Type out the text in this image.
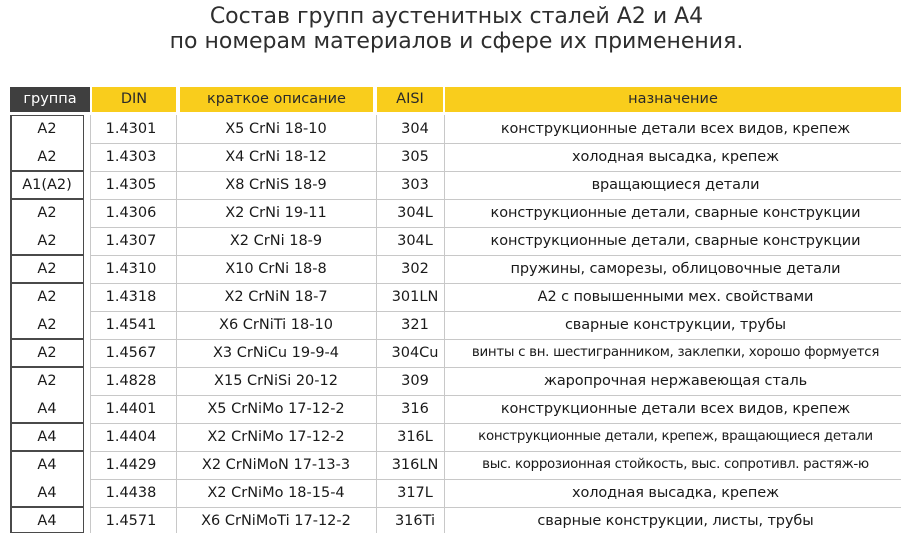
Состав групп аустенитных сталей А2 и А4
по номерам материалов и сфере их применения.
группа	DIN	краткое описание	AISI	назначение
A2	1.4301	X5 CrNi 18-10	304	конструкционные детали всех видов, крепеж
A2	1.4303	X4 CrNi 18-12	305	холодная высадка, крепеж
A1(A2)	1.4305	X8 CrNiS 18-9	303	вращающиеся детали
A2	1.4306	X2 CrNi 19-11	304L	конструкционные детали, сварные конструкции
A2	1.4307	X2 CrNi 18-9	304L	конструкционные детали, сварные конструкции
A2	1.4310	X10 CrNi 18-8	302	пружины, саморезы, облицовочные детали
A2	1.4318	X2 CrNiN 18-7	301LN	А2 с повышенными мех. свойствами
A2	1.4541	X6 CrNiTi 18-10	321	сварные конструкции, трубы
A2	1.4567	X3 CrNiCu 19-9-4	304Cu	винты с вн. шестигранником, заклепки, хорошо формуется
A2	1.4828	X15 CrNiSi 20-12	309	жаропрочная нержавеющая сталь
A4	1.4401	X5 CrNiMo 17-12-2	316	конструкционные детали всех видов, крепеж
A4	1.4404	X2 CrNiMo 17-12-2	316L	конструкционные детали, крепеж, вращающиеся детали
A4	1.4429	X2 CrNiMoN 17-13-3	316LN	выс. коррозионная стойкость, выс. сопротивл. растяж-ю
A4	1.4438	X2 CrNiMo 18-15-4	317L	холодная высадка, крепеж
A4	1.4571	X6 CrNiMoTi 17-12-2	316Ti	сварные конструкции, листы, трубы
